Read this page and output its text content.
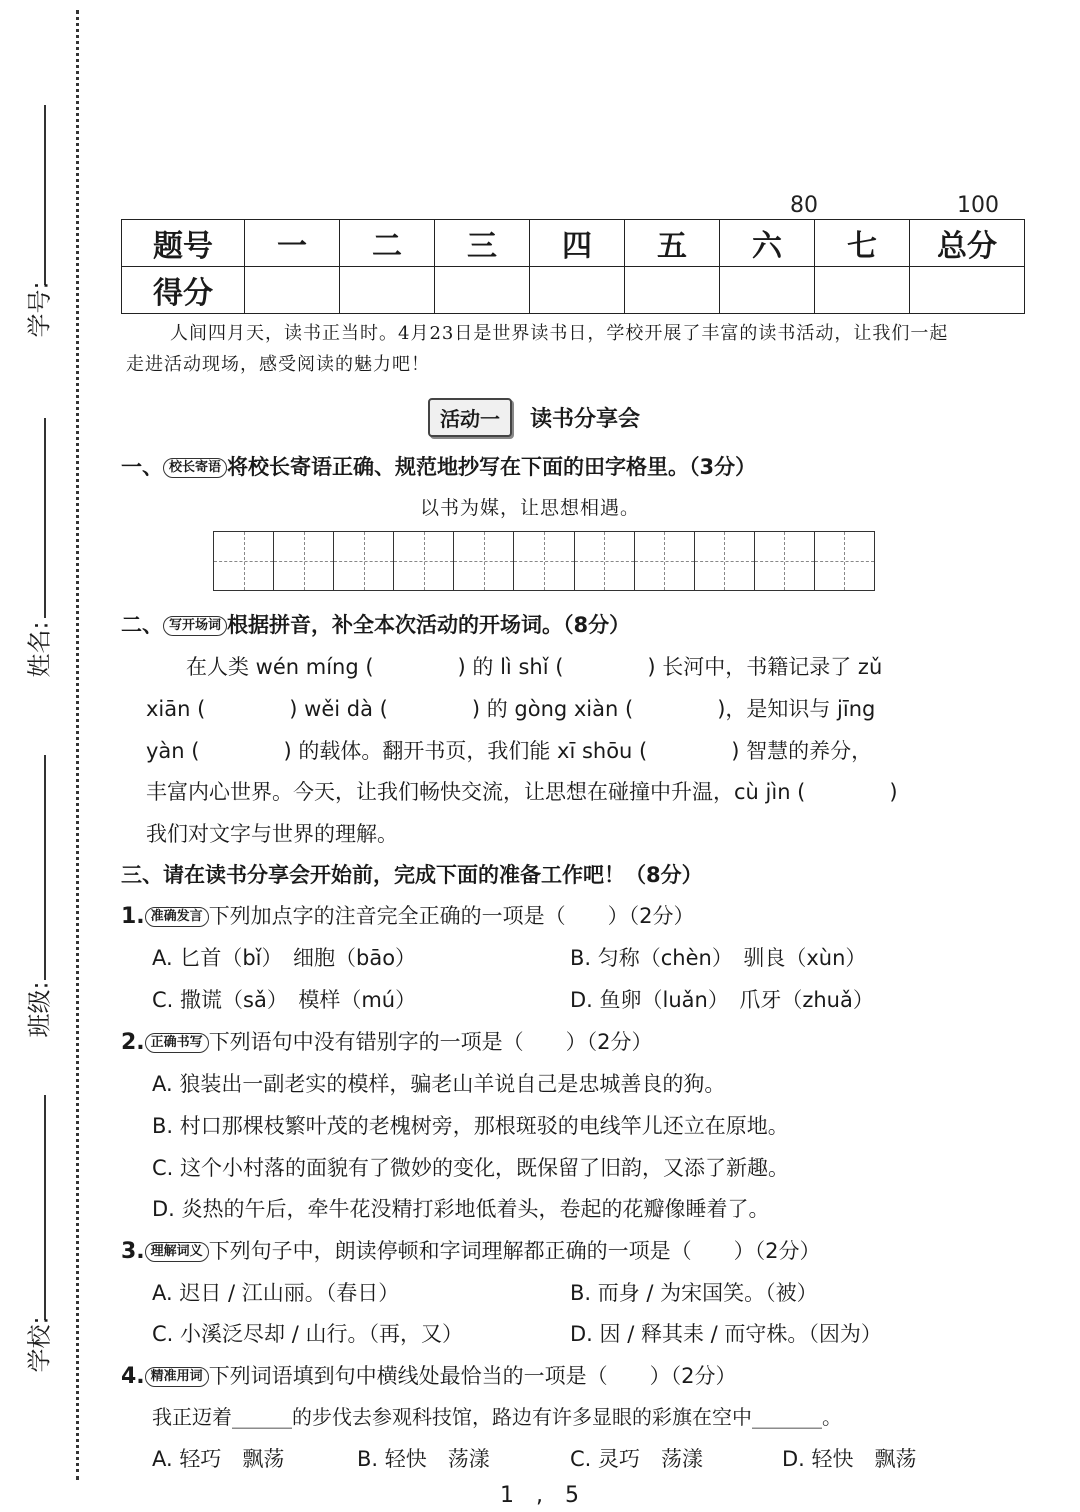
学号:
姓名:
班级:
学校:
80	100
题号	一	二	三	四	五	六	七	总分
得分								
人间四月天，读书正当时。4月23日是世界读书日，学校开展了丰富的读书活动，让我们一起走进活动现场，感受阅读的魅力吧！
活动一	读书分享会
一、 校长寄语 将校长寄语正确、规范地抄写在下面的田字格里。（3分）
以书为媒，让思想相遇。
二、 写开场词 根据拼音，补全本次活动的开场词。（8分）
在人类 wén míng (　　　　) 的 lì shǐ (　　　　) 长河中，书籍记录了 zǔ
xiān (　　　　) wěi dà (　　　　) 的 gòng xiàn (　　　　)，是知识与 jīng
yàn (　　　　) 的载体。翻开书页，我们能 xī shōu (　　　　) 智慧的养分，
丰富内心世界。今天，让我们畅快交流，让思想在碰撞中升温，cù jìn (　　　　)
我们对文字与世界的理解。
三、请在读书分享会开始前，完成下面的准备工作吧！（8分）
1. 准确发言 下列加点字的注音完全正确的一项是（　　）（2分）
A. 匕首（bǐ）　细胞（bāo）	B. 匀称（chèn）　驯良（xùn）
C. 撒谎（sǎ）　模样（mú）	D. 鱼卵（luǎn）　爪牙（zhuǎ）
2. 正确书写 下列语句中没有错别字的一项是（　　）（2分）
A. 狼装出一副老实的模样，骗老山羊说自己是忠城善良的狗。
B. 村口那棵枝繁叶茂的老槐树旁，那根斑驳的电线竿儿还立在原地。
C. 这个小村落的面貌有了微妙的变化，既保留了旧韵，又添了新趣。
D. 炎热的午后，牵牛花没精打彩地低着头，卷起的花瓣像睡着了。
3. 理解词义 下列句子中，朗读停顿和字词理解都正确的一项是（　　）（2分）
A. 迟日 / 江山丽。（春日）	B. 而身 / 为宋国笑。（被）
C. 小溪泛尽却 / 山行。（再，又）	D. 因 / 释其耒 / 而守株。（因为）
4. 精准用词 下列词语填到句中横线处最恰当的一项是（　　）（2分）
我正迈着______的步伐去参观科技馆，路边有许多显眼的彩旗在空中_______。
A. 轻巧　飘荡	B. 轻快　荡漾	C. 灵巧　荡漾	D. 轻快　飘荡
1　,　5
